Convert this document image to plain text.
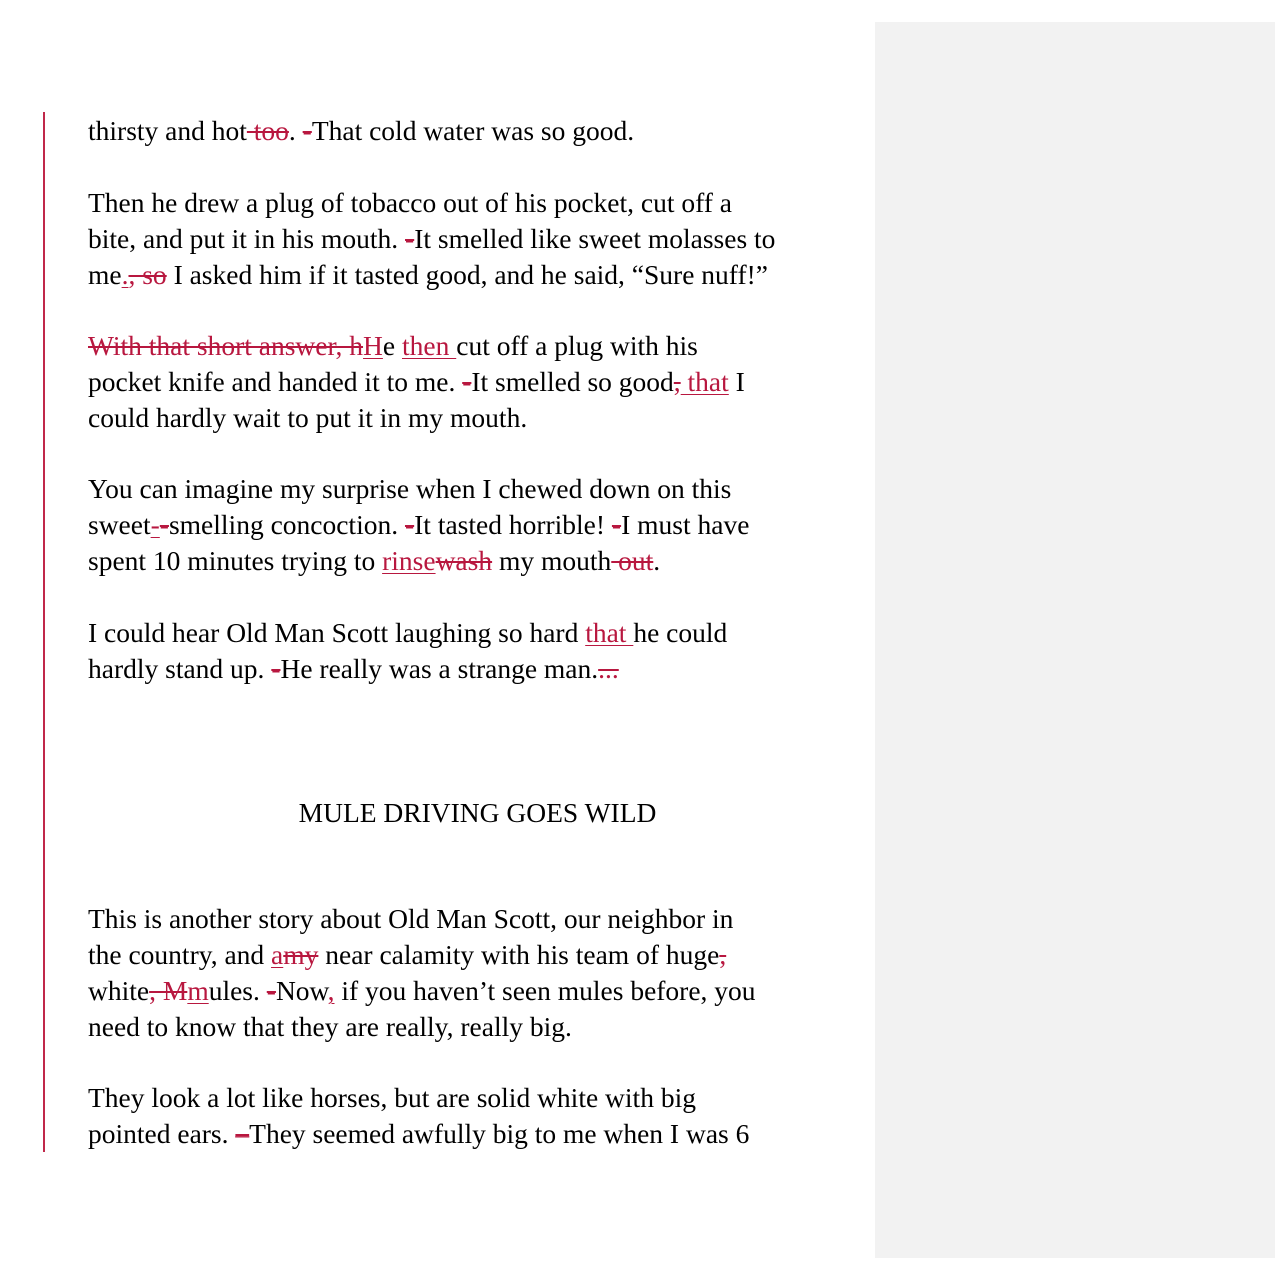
thirsty and hot too. -That cold water was so good.
Then he drew a plug of tobacco out of his pocket, cut off a
bite, and put it in his mouth. -It smelled like sweet molasses to
me., so I asked him if it tasted good, and he said, “Sure nuff!”
With that short answer, hHe then cut off a plug with his
pocket knife and handed it to me. -It smelled so good, that I
could hardly wait to put it in my mouth.
You can imagine my surprise when I chewed down on this
sweet--smelling concoction. -It tasted horrible! -I must have
spent 10 minutes trying to rinsewash my mouth out.
I could hear Old Man Scott laughing so hard that he could
hardly stand up. -He really was a strange man....
MULE DRIVING GOES WILD
This is another story about Old Man Scott, our neighbor in
the country, and amy near calamity with his team of huge,
white, Mmules. -Now, if you haven’t seen mules before, you
need to know that they are really, really big.
They look a lot like horses, but are solid white with big
pointed ears. –They seemed awfully big to me when I was 6
